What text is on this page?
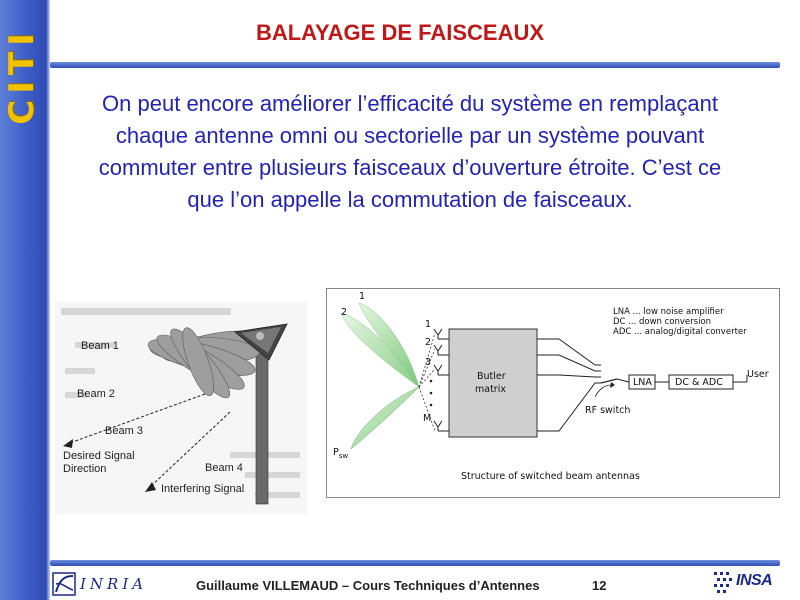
CITI	BALAYAGE DE FAISCEAUX
On peut encore améliorer l’efficacité du système en remplaçant chaque antenne omni ou sectorielle par un système pouvant commuter entre plusieurs faisceaux d’ouverture étroite. C’est ce que l’on appelle la commutation de faisceaux.
Beam 1
Beam 2
Beam 3
Beam 4
Desired Signal
Direction
Interfering Signal
1
2
$P_{sw}$
1
2
3
M
Butler
matrix
LNA ... low noise amplifier
DC ... down conversion
ADC ... analog/digital converter
LNA DC & ADC
User
RF switch
Structure of switched beam antennas
INRIA	Guillaume VILLEMAUD – Cours Techniques d’Antennes	12	INSA
